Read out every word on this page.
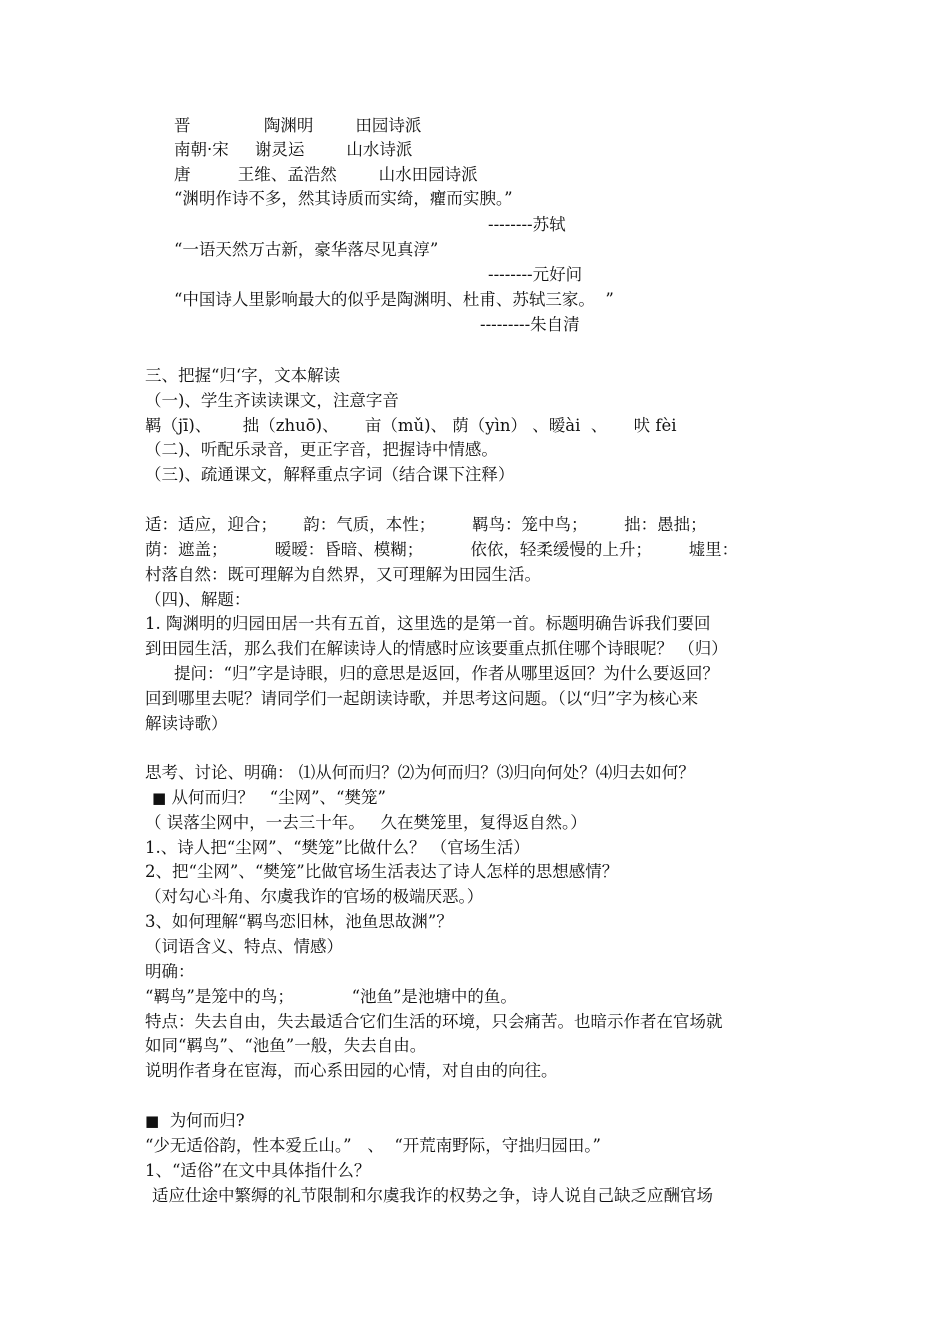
晋              陶渊明        田园诗派
南朝·宋     谢灵运        山水诗派
唐         王维、孟浩然        山水田园诗派
“渊明作诗不多，然其诗质而实绮，癯而实腴。”
--------苏轼
“一语天然万古新，豪华落尽见真淳”
--------元好问
“中国诗人里影响最大的似乎是陶渊明、杜甫、苏轼三家。  ”
---------朱自清
三、把握“归‘字，文本解读
（一)、学生齐读读课文，注意字音
羁（jī)、      拙（zhuō)、     亩（mǔ)、 荫（yìn） 、暧ài  、     吠 fèi
（二)、听配乐录音，更正字音，把握诗中情感。
（三)、疏通课文，解释重点字词（结合课下注释）
适：适应，迎合；     韵：气质，本性；       羁鸟：笼中鸟；       拙：愚拙；
荫：遮盖；         暧暧：昏暗、模糊；         依依，轻柔缓慢的上升；       墟里：
村落自然：既可理解为自然界，又可理解为田园生活。
（四)、解题：
1. 陶渊明的归园田居一共有五首，这里选的是第一首。标题明确告诉我们要回
到田园生活，那么我们在解读诗人的情感时应该要重点抓住哪个诗眼呢？ （归）
提问：“归”字是诗眼，归的意思是返回，作者从哪里返回？为什么要返回？
回到哪里去呢？请同学们一起朗读诗歌，并思考这问题。（以“归”字为核心来
解读诗歌）
思考、讨论、明确： ⑴从何而归？⑵为何而归？⑶归向何处？⑷归去如何？
■ 从何而归？   “尘网”、“樊笼”
（ 误落尘网中，一去三十年。   久在樊笼里，复得返自然。）
1.、诗人把“尘网”、“樊笼”比做什么？ （官场生活）
2、把“尘网”、“樊笼”比做官场生活表达了诗人怎样的思想感情？
（对勾心斗角、尔虞我诈的官场的极端厌恶。）
3、如何理解“羁鸟恋旧林，池鱼思故渊”？
（词语含义、特点、情感）
明确：
“羁鸟”是笼中的鸟；           “池鱼”是池塘中的鱼。
特点：失去自由，失去最适合它们生活的环境，只会痛苦。也暗示作者在官场就
如同“羁鸟”、“池鱼”一般，失去自由。
说明作者身在宦海，而心系田园的心情，对自由的向往。
■ 为何而归?
“少无适俗韵，性本爱丘山。”   、  “开荒南野际，守拙归园田。”
1、“适俗”在文中具体指什么？
适应仕途中繁缛的礼节限制和尔虞我诈的权势之争，诗人说自己缺乏应酬官场
